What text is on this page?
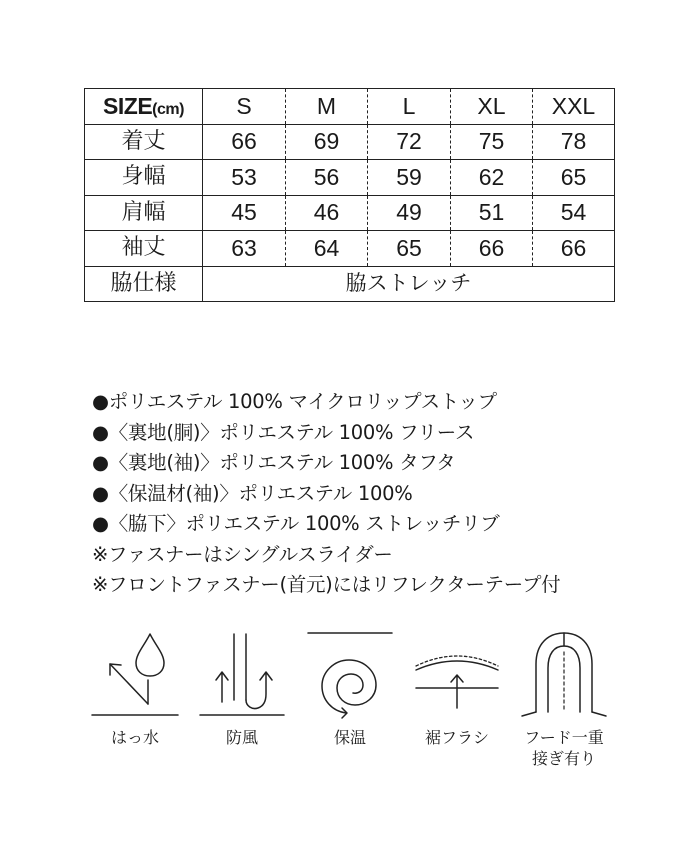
SIZE(cm)	S	M	L	XL	XXL
着丈	66	69	72	75	78
身幅	53	56	59	62	65
肩幅	45	46	49	51	54
袖丈	63	64	65	66	66
脇仕様	脇ストレッチ				
●ポリエステル 100% マイクロリップストップ
●〈裏地(胴)〉ポリエステル 100% フリース
●〈裏地(袖)〉ポリエステル 100% タフタ
●〈保温材(袖)〉ポリエステル 100%
●〈脇下〉ポリエステル 100% ストレッチリブ
※ファスナーはシングルスライダー
※フロントファスナー(首元)にはリフレクターテープ付
はっ水	防風	保温	裾フラシ	フード一重
接ぎ有り
